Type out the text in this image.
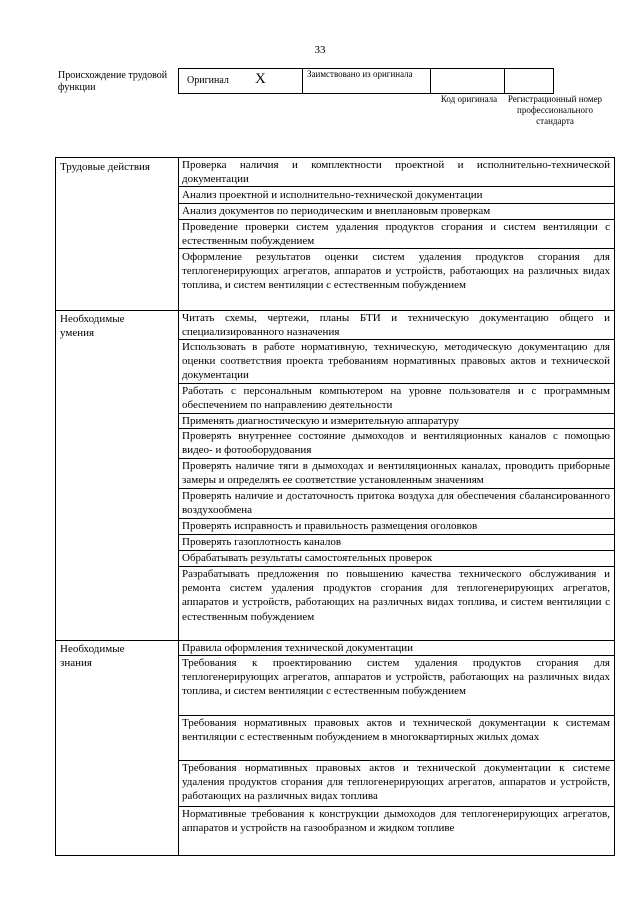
33
Происхождение трудовой функции
Оригинал X	Заимствовано из оригинала
Код оригинала Регистрационный номер профессионального стандарта
Трудовые действия	Проверка наличия и комплектности проектной и исполнительно-технической документации
Анализ проектной и исполнительно-технической документации
Анализ документов по периодическим и внеплановым проверкам
Проведение проверки систем удаления продуктов сгорания и систем вентиляции с естественным побуждением
Оформление результатов оценки систем удаления продуктов сгорания для теплогенерирующих агрегатов, аппаратов и устройств, работающих на различных видах топлива, и систем вентиляции с естественным побуждением
Необходимые умения
Читать схемы, чертежи, планы БТИ и техническую документацию общего и специализированного назначения
Использовать в работе нормативную, техническую, методическую документацию для оценки соответствия проекта требованиям нормативных правовых актов и технической документации
Работать с персональным компьютером на уровне пользователя и с программным обеспечением по направлению деятельности
Применять диагностическую и измерительную аппаратуру
Проверять внутреннее состояние дымоходов и вентиляционных каналов с помощью видео- и фотооборудования
Проверять наличие тяги в дымоходах и вентиляционных каналах, проводить приборные замеры и определять ее соответствие установленным значениям
Проверять наличие и достаточность притока воздуха для обеспечения сбалансированного воздухообмена
Проверять исправность и правильность размещения оголовков
Проверять газоплотность каналов
Обрабатывать результаты самостоятельных проверок
Разрабатывать предложения по повышению качества технического обслуживания и ремонта систем удаления продуктов сгорания для теплогенерирующих агрегатов, аппаратов и устройств, работающих на различных видах топлива, и систем вентиляции с естественным побуждением
Необходимые знания
Правила оформления технической документации
Требования к проектированию систем удаления продуктов сгорания для теплогенерирующих агрегатов, аппаратов и устройств, работающих на различных видах топлива, и систем вентиляции с естественным побуждением
Требования нормативных правовых актов и технической документации к системам вентиляции с естественным побуждением в многоквартирных жилых домах
Требования нормативных правовых актов и технической документации к системе удаления продуктов сгорания для теплогенерирующих агрегатов, аппаратов и устройств, работающих на различных видах топлива
Нормативные требования к конструкции дымоходов для теплогенерирующих агрегатов, аппаратов и устройств на газообразном и жидком топливе
